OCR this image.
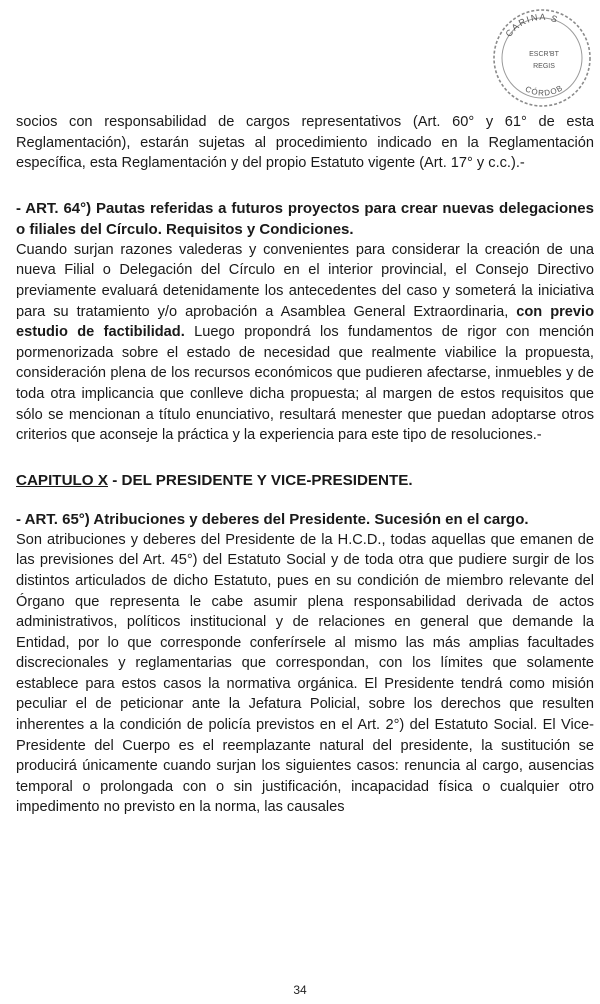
CARINA S
ESCR'BT
REGIS
CÓRDOB

socios con responsabilidad de cargos representativos (Art. 60° y 61° de esta Reglamentación), estarán sujetas al procedimiento indicado en la Reglamentación específica, esta Reglamentación y del propio Estatuto vigente (Art. 17° y c.c.).-

- ART. 64°) Pautas referidas a futuros proyectos para crear nuevas delegaciones o filiales del Círculo. Requisitos y Condiciones.

Cuando surjan razones valederas y convenientes para considerar la creación de una nueva Filial o Delegación del Círculo en el interior provincial, el Consejo Directivo previamente evaluará detenidamente los antecedentes del caso y someterá la iniciativa para su tratamiento y/o aprobación a Asamblea General Extraordinaria, con previo estudio de factibilidad. Luego propondrá los fundamentos de rigor con mención pormenorizada sobre el estado de necesidad que realmente viabilice la propuesta, consideración plena de los recursos económicos que pudieren afectarse, inmuebles y de toda otra implicancia que conlleve dicha propuesta; al margen de estos requisitos que sólo se mencionan a título enunciativo, resultará menester que puedan adoptarse otros criterios que aconseje la práctica y la experiencia para este tipo de resoluciones.-

CAPITULO X - DEL PRESIDENTE Y VICE-PRESIDENTE.

- ART. 65°) Atribuciones y deberes del Presidente. Sucesión en el cargo.

Son atribuciones y deberes del Presidente de la H.C.D., todas aquellas que emanen de las previsiones del Art. 45°) del Estatuto Social y de toda otra que pudiere surgir de los distintos articulados de dicho Estatuto, pues en su condición de miembro relevante del Órgano que representa le cabe asumir plena responsabilidad derivada de actos administrativos, políticos institucional y de relaciones en general que demande la Entidad, por lo que corresponde conferírsele al mismo las más amplias facultades discrecionales y reglamentarias que correspondan, con los límites que solamente establece para estos casos la normativa orgánica. El Presidente tendrá como misión peculiar el de peticionar ante la Jefatura Policial, sobre los derechos que resulten inherentes a la condición de policía previstos en el Art. 2°) del Estatuto Social. El Vice-Presidente del Cuerpo es el reemplazante natural del presidente, la sustitución se producirá únicamente cuando surjan los siguientes casos: renuncia al cargo, ausencias temporal o prolongada con o sin justificación, incapacidad física o cualquier otro impedimento no previsto en la norma, las causales

34
